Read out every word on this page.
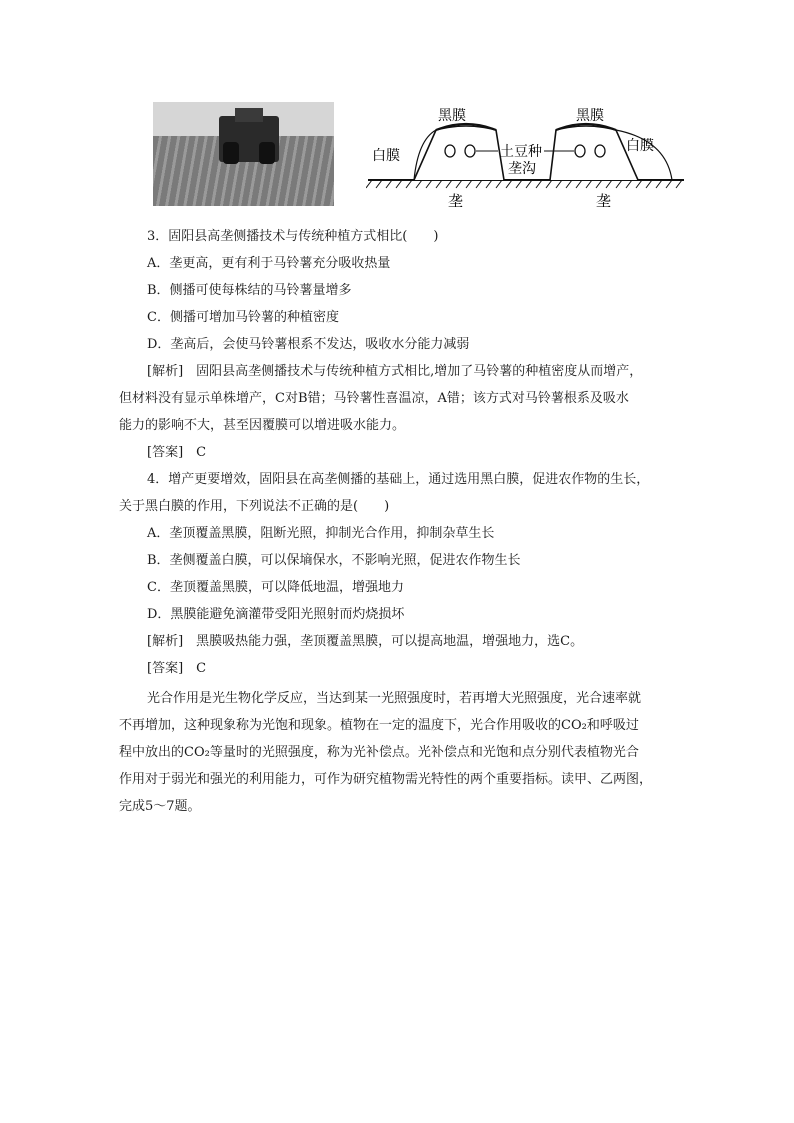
黑膜	黑膜
白膜
白膜
土豆种
垄沟
垄	垄
3．固阳县高垄侧播技术与传统种植方式相比(　　)
A．垄更高，更有利于马铃薯充分吸收热量
B．侧播可使每株结的马铃薯量增多
C．侧播可增加马铃薯的种植密度
D．垄高后，会使马铃薯根系不发达，吸收水分能力减弱
[解析]　固阳县高垄侧播技术与传统种植方式相比,增加了马铃薯的种植密度从而增产，
但材料没有显示单株增产，C对B错；马铃薯性喜温凉，A错；该方式对马铃薯根系及吸水
能力的影响不大，甚至因覆膜可以增进吸水能力。
[答案]　C
4．增产更要增效，固阳县在高垄侧播的基础上，通过选用黑白膜，促进农作物的生长，
关于黑白膜的作用，下列说法不正确的是(　　)
A．垄顶覆盖黑膜，阻断光照，抑制光合作用，抑制杂草生长
B．垄侧覆盖白膜，可以保墒保水，不影响光照，促进农作物生长
C．垄顶覆盖黑膜，可以降低地温，增强地力
D．黑膜能避免滴灌带受阳光照射而灼烧损坏
[解析]　黑膜吸热能力强，垄顶覆盖黑膜，可以提高地温，增强地力，选C。
[答案]　C
光合作用是光生物化学反应，当达到某一光照强度时，若再增大光照强度，光合速率就
不再增加，这种现象称为光饱和现象。植物在一定的温度下，光合作用吸收的CO₂和呼吸过
程中放出的CO₂等量时的光照强度，称为光补偿点。光补偿点和光饱和点分别代表植物光合
作用对于弱光和强光的利用能力，可作为研究植物需光特性的两个重要指标。读甲、乙两图，
完成5～7题。
